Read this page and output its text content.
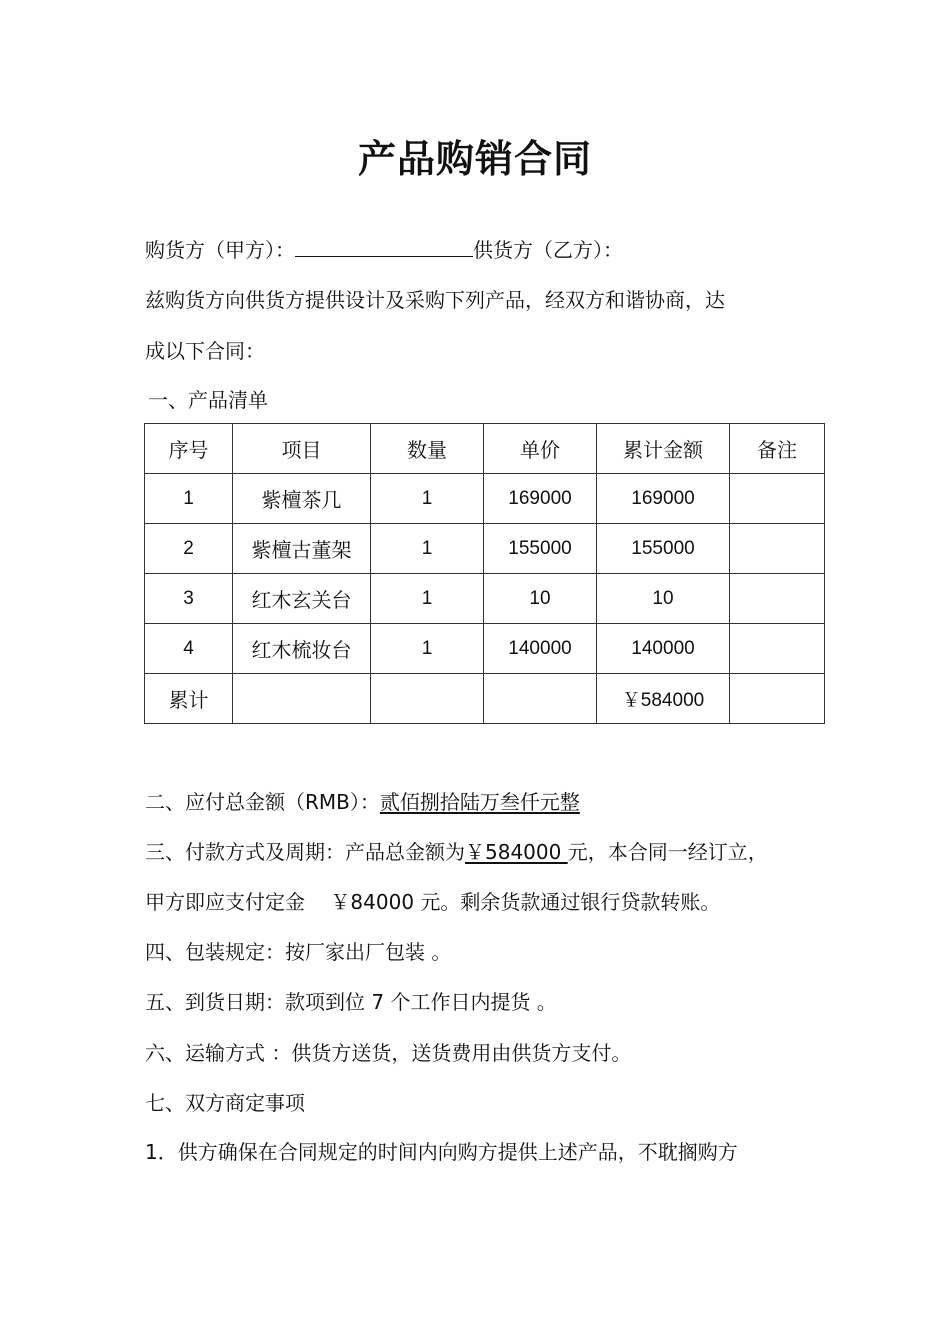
产品购销合同
购货方（甲方）：	供货方（乙方）：
兹购货方向供货方提供设计及采购下列产品，经双方和谐协商，达
成以下合同：
一、产品清单
序号	项目	数量	单价	累计金额	备注
1	紫檀茶几	1	169000	169000	
2	紫檀古董架	1	155000	155000	
3	红木玄关台	1	10	10	
4	红木梳妆台	1	140000	140000	
累计				￥584000	
二、应付总金额（RMB）：贰佰捌拾陆万叁仟元整
三、付款方式及周期：产品总金额为￥584000 元，本合同一经订立，
甲方即应支付定金    ￥84000 元。剩余货款通过银行贷款转账。
四、包装规定：按厂家出厂包装 。
五、到货日期：款项到位 7 个工作日内提货 。
六、运输方式 ：供货方送货，送货费用由供货方支付。
七、双方商定事项
1．供方确保在合同规定的时间内向购方提供上述产品，不耽搁购方
